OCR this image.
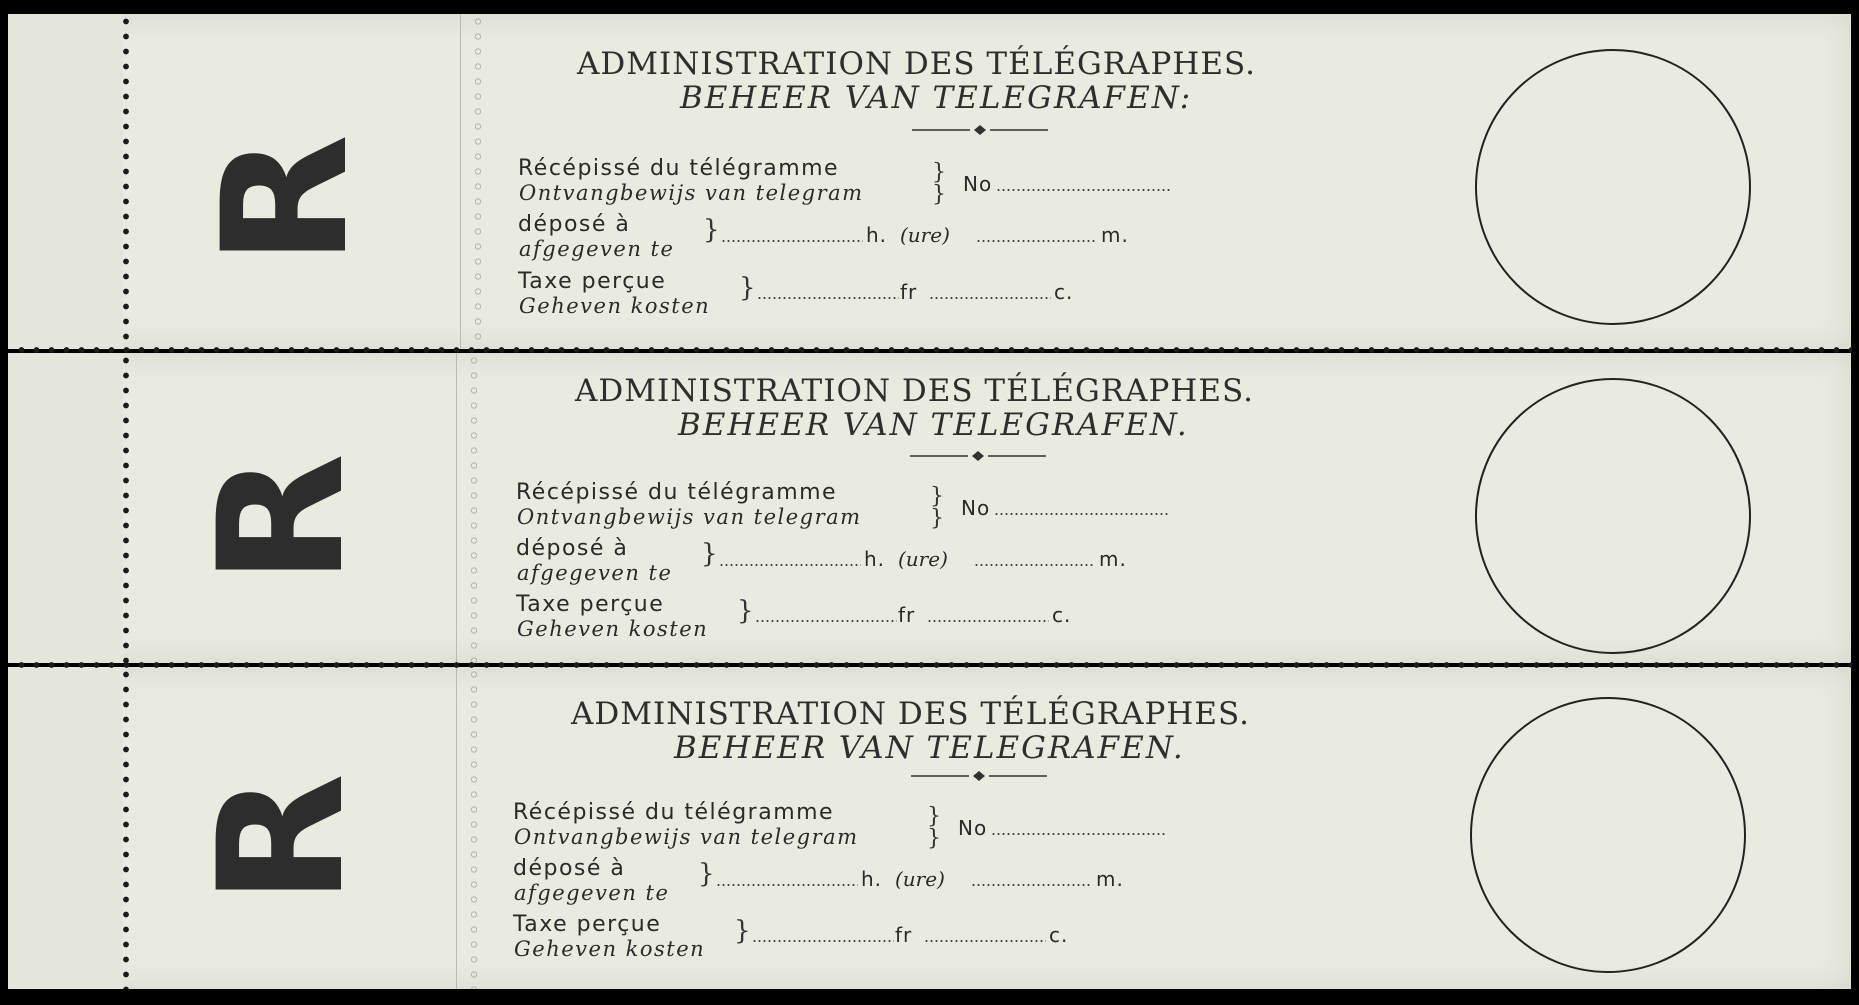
R
ADMINISTRATION DES TÉLÉGRAPHES.
BEHEER VAN TELEGRAFEN:
Récépissé du télégramme
Ontvangbewijs van telegram
}
} No
déposé à
afgegeven te
}	h. (ure)	m.
Taxe perçue
Geheven kosten
}	fr	c.
R
ADMINISTRATION DES TÉLÉGRAPHES.
BEHEER VAN TELEGRAFEN.
Récépissé du télégramme
Ontvangbewijs van telegram
}
} No
déposé à
afgegeven te
}	h. (ure)	m.
Taxe perçue
Geheven kosten
}	fr	c.
R
ADMINISTRATION DES TÉLÉGRAPHES.
BEHEER VAN TELEGRAFEN.
Récépissé du télégramme
Ontvangbewijs van telegram
}
} No
déposé à
afgegeven te
}	h. (ure)	m.
Taxe perçue
Geheven kosten
}	fr	c.
